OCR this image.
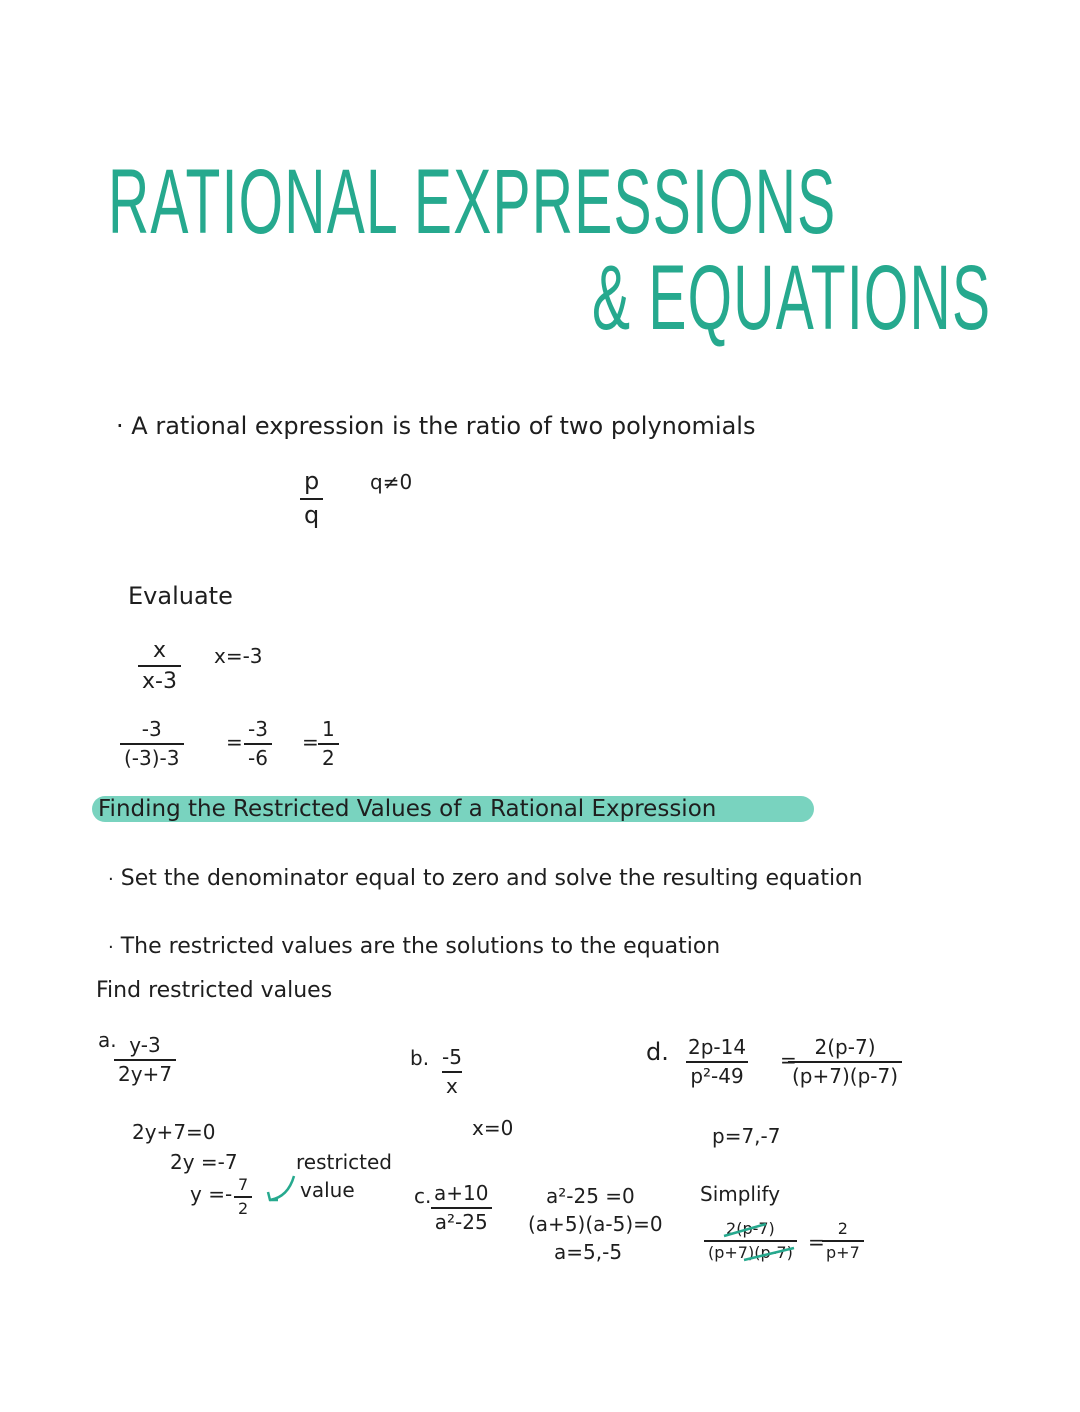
RATIONAL EXPRESSIONS
& EQUATIONS
· A rational expression is the ratio of two polynomials
$\frac{p}{q} q\ne 0$
Evaluate
$\frac{x}{x-3} x=-3$
$\frac{-3}{(-3)-3} = \frac{-3}{-6} = \frac{1}{2}$
Finding the Restricted Values of a Rational Expression
· Set the denominator equal to zero and solve the resulting equation
· The restricted values are the solutions to the equation
Find restricted values
a.
$\frac{y-3}{2y+7}$
2y+7=0
2y =-7
$y =- \frac{7}{2}$
restricted
value
b. $\frac{-5}{x}$
x=0
c.
$\frac{a+10}{\text{a²-25}}$	a²-25 =0
(a+5)(a-5)=0
a=5,-5
d. $\frac{2p-14}{\text{p²-49}}$ =
$\frac{2(p-7)}{(p+7)(p-7)}$
p=7,-7
Simplify
$\frac{2(p-7)}{(p+7)(p-7)}$ =
$\frac{2}{p+7}$
